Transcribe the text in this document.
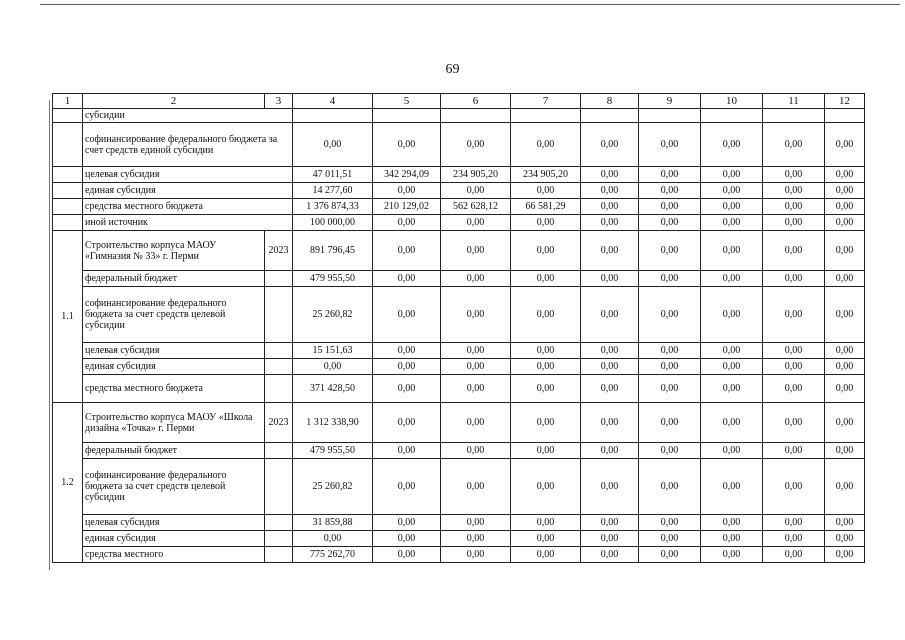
69
1	2	3	4	5	6	7	8	9	10	11	12
	субсидии										
	софинансирование федерального бюджета за счет средств единой субсидии		0,00	0,00	0,00	0,00	0,00	0,00	0,00	0,00	0,00
	целевая субсидия		47 011,51	342 294,09	234 905,20	234 905,20	0,00	0,00	0,00	0,00	0,00
	единая субсидия		14 277,60	0,00	0,00	0,00	0,00	0,00	0,00	0,00	0,00
	средства местного бюджета		1 376 874,33	210 129,02	562 628,12	66 581,29	0,00	0,00	0,00	0,00	0,00
	иной источник		100 000,00	0,00	0,00	0,00	0,00	0,00	0,00	0,00	0,00
1.1	Строительство корпуса МАОУ «Гимназия № 33» г. Перми	2023	891 796,45	0,00	0,00	0,00	0,00	0,00	0,00	0,00	0,00
	федеральный бюджет		479 955,50	0,00	0,00	0,00	0,00	0,00	0,00	0,00	0,00
	софинансирование федерального бюджета за счет средств целевой субсидии		25 260,82	0,00	0,00	0,00	0,00	0,00	0,00	0,00	0,00
	целевая субсидия		15 151,63	0,00	0,00	0,00	0,00	0,00	0,00	0,00	0,00
	единая субсидия		0,00	0,00	0,00	0,00	0,00	0,00	0,00	0,00	0,00
	средства местного бюджета		371 428,50	0,00	0,00	0,00	0,00	0,00	0,00	0,00	0,00
1.2	Строительство корпуса МАОУ «Школа дизайна «Точка» г. Перми	2023	1 312 338,90	0,00	0,00	0,00	0,00	0,00	0,00	0,00	0,00
	федеральный бюджет		479 955,50	0,00	0,00	0,00	0,00	0,00	0,00	0,00	0,00
	софинансирование федерального бюджета за счет средств целевой субсидии		25 260,82	0,00	0,00	0,00	0,00	0,00	0,00	0,00	0,00
	целевая субсидия		31 859,88	0,00	0,00	0,00	0,00	0,00	0,00	0,00	0,00
	единая субсидия		0,00	0,00	0,00	0,00	0,00	0,00	0,00	0,00	0,00
	средства местного		775 262,70	0,00	0,00	0,00	0,00	0,00	0,00	0,00	0,00
